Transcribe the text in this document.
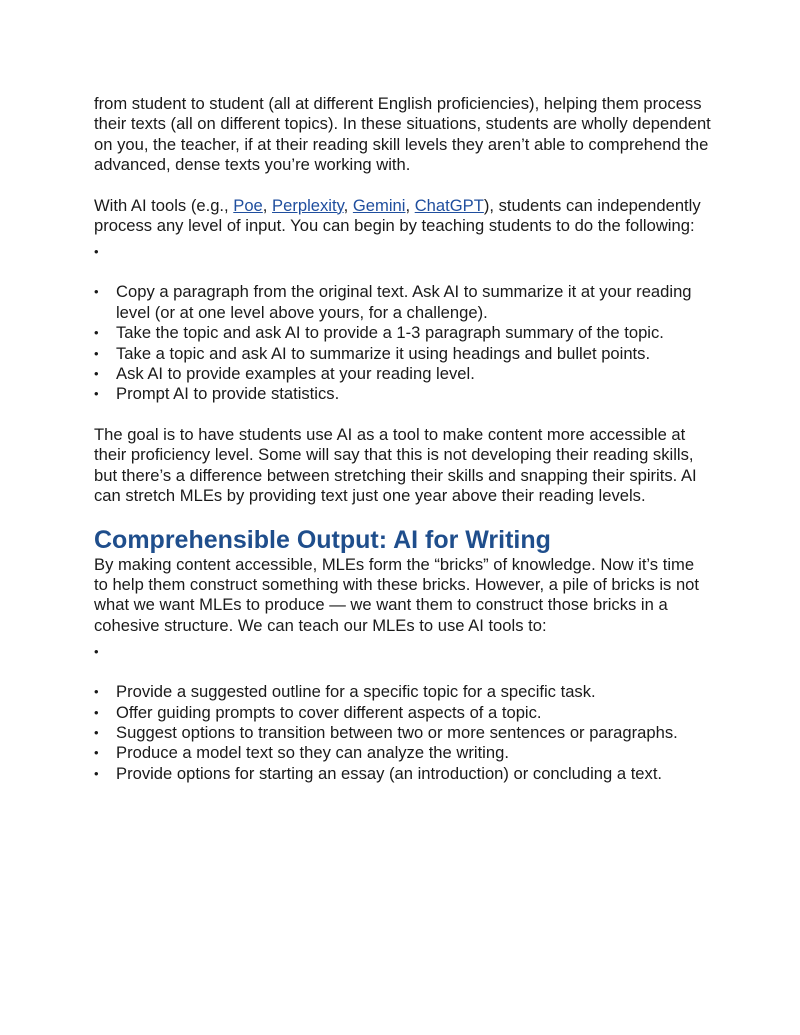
from student to student (all at different English proficiencies), helping them process their texts (all on different topics). In these situations, students are wholly dependent on you, the teacher, if at their reading skill levels they aren’t able to comprehend the advanced, dense texts you’re working with.

With AI tools (e.g., Poe, Perplexity, Gemini, ChatGPT), students can independently process any level of input. You can begin by teaching students to do the following:

•
• Copy a paragraph from the original text. Ask AI to summarize it at your reading level (or at one level above yours, for a challenge).
• Take the topic and ask AI to provide a 1-3 paragraph summary of the topic.
• Take a topic and ask AI to summarize it using headings and bullet points.
• Ask AI to provide examples at your reading level.
• Prompt AI to provide statistics.

The goal is to have students use AI as a tool to make content more accessible at their proficiency level. Some will say that this is not developing their reading skills, but there’s a difference between stretching their skills and snapping their spirits. AI can stretch MLEs by providing text just one year above their reading levels.

Comprehensible Output: AI for Writing

By making content accessible, MLEs form the “bricks” of knowledge. Now it’s time to help them construct something with these bricks. However, a pile of bricks is not what we want MLEs to produce — we want them to construct those bricks in a cohesive structure. We can teach our MLEs to use AI tools to:

•
• Provide a suggested outline for a specific topic for a specific task.
• Offer guiding prompts to cover different aspects of a topic.
• Suggest options to transition between two or more sentences or paragraphs.
• Produce a model text so they can analyze the writing.
• Provide options for starting an essay (an introduction) or concluding a text.
